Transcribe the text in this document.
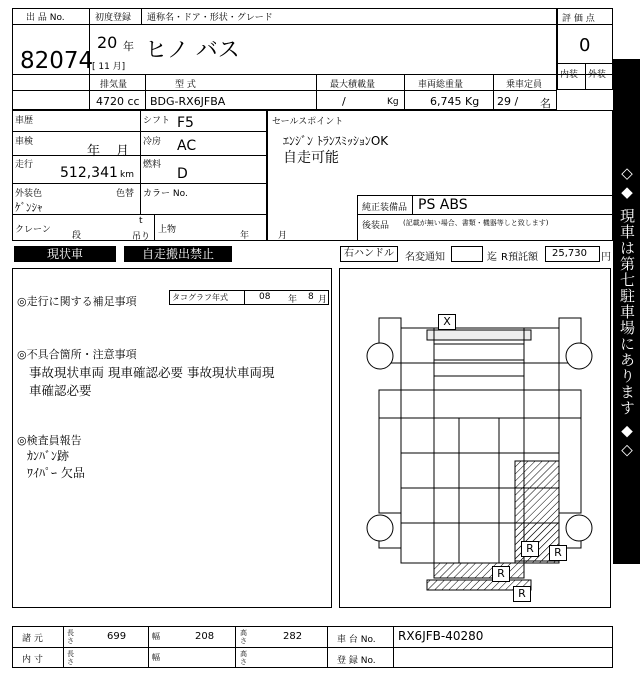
出 品 No.
82074
初度登録
20 年
[ 11 月]
通称名・ドア・形状・グレード
ヒノ バス
評 価 点
0
内装 外装
排気量
4720 cc
型 式
BDG-RX6JFBA
最大積載量
/	Kg
車両総重量
6,745 Kg
乗車定員
29 / 名
車歴	シフト F5
車検
年 月
冷房 AC
走行 512,341 km
燃料
D
外装色
ｹﾞﾝｼｬ
色替 カラー No.
クレーン
段
t
吊り
上物
年	月
セールスポイント
ｴﾝｼﾞﾝ ﾄﾗﾝｽﾐｯｼｮﾝOK
自走可能
純正装備品 PS ABS
後装品 (記載が無い場合、書類・機器等しと致します)
現状車	自走搬出禁止	右ハンドル	名変通知	迄 R預託額 25,730 円
◎走行に関する補足事項	タコグラフ年式	08 年 8 月
◎不具合箇所・注意事項
事故現状車両 現車確認必要 事故現状車両現
車確認必要
◎検査員報告
ｶﾝﾊﾞﾝ跡
ﾜｲﾊﾟｰ 欠品
X
R	R
R
R
◇◆ 現車は第七駐車場にあります ◆◇
諸 元
長さ	699	幅	208	高さ	282	車 台 No. RX6JFB-40280
内 寸
長さ	幅	高さ	登 録 No.
